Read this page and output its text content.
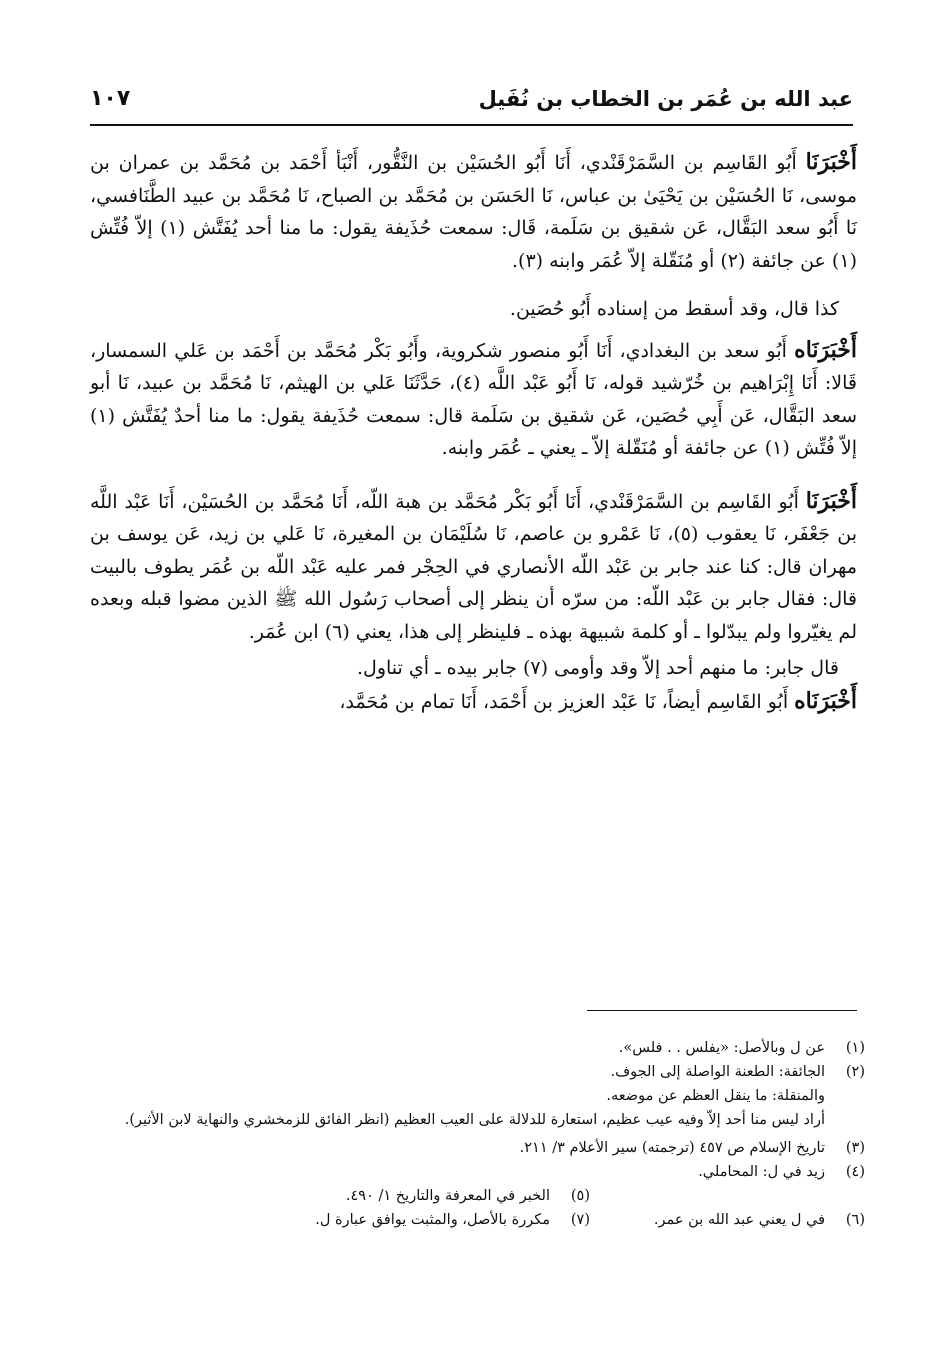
عبد الله بن عُمَر بن الخطاب بن نُفَيل
١٠٧

أَخْبَرَنَا أَبُو القَاسِم بن السَّمَرْقَنْدي، أَنَا أَبُو الحُسَيْن بن النَّقُّور، أَنْبَأ أَحْمَد بن مُحَمَّد بن عمران بن موسى، نَا الحُسَيْن بن يَحْيَىٰ بن عباس، نَا الحَسَن بن مُحَمَّد بن الصباح، نَا مُحَمَّد بن عبيد الطَّنَافسي، نَا أَبُو سعد البَقَّال، عَن شقيق بن سَلَمة، قَال: سمعت حُذَيفة يقول: ما منا أحد يُفَتَّش (١) إلاّ فُتِّش (١) عن جائفة (٢) أو مُنَقّلة إلاّ عُمَر وابنه (٣).

كذا قال، وقد أسقط من إسناده أَبُو حُصَين.

أَخْبَرَنَاه أَبُو سعد بن البغدادي، أَنَا أَبُو منصور شكروية، وأَبُو بَكْر مُحَمَّد بن أَحْمَد بن عَلي السمسار، قَالا: أَنَا إِبْرَاهيم بن خُرّشيد قوله، نَا أَبُو عَبْد اللَّه (٤)، حَدَّثَنَا عَلي بن الهيثم، نَا مُحَمَّد بن عبيد، نَا أبو سعد البَقَّال، عَن أَبِي حُصَين، عَن شقيق بن سَلَمة قال: سمعت حُذَيفة يقول: ما منا أحدٌ يُفَتَّش (١) إلاّ فُتِّش (١) عن جائفة أو مُنَقّلة إلاّ ـ يعني ـ عُمَر وابنه.

أَخْبَرَنَا أَبُو القَاسِم بن السَّمَرْقَنْدي، أَنَا أَبُو بَكْر مُحَمَّد بن هبة اللّه، أَنَا مُحَمَّد بن الحُسَيْن، أَنَا عَبْد اللَّه بن جَعْفَر، نَا يعقوب (٥)، نَا عَمْرو بن عاصم، نَا سُلَيْمَان بن المغيرة، نَا عَلي بن زيد، عَن يوسف بن مهران قال: كنا عند جابر بن عَبْد اللّه الأنصاري في الحِجْر فمر عليه عَبْد اللّه بن عُمَر يطوف بالبيت قال: فقال جابر بن عَبْد اللّه: من سرّه أن ينظر إلى أصحاب رَسُول الله ﷺ الذين مضوا قبله وبعده لم يغيّروا ولم يبدّلوا ـ أو كلمة شبيهة بهذه ـ فلينظر إلى هذا، يعني (٦) ابن عُمَر.

قال جابر: ما منهم أحد إلاّ وقد وأومى (٧) جابر بيده ـ أي تناول.

أَخْبَرَنَاه أَبُو القَاسِم أيضاً، نَا عَبْد العزيز بن أَحْمَد، أَنَا تمام بن مُحَمَّد،

(١)
عن ل وبالأصل: «يفلس . . فلس».
(٢)
الجائفة: الطعنة الواصلة إلى الجوف.
والمنقلة: ما ينقل العظم عن موضعه.
أراد ليس منا أحد إلاّ وفيه عيب عظيم، استعارة للدلالة على العيب العظيم (انظر الفائق للزمخشري والنهاية لابن الأثير).
(٣)
تاريخ الإسلام ص ٤٥٧ (ترجمته) سير الأعلام ٣/ ٢١١.
(٤)
زيد في ل: المحاملي.
(٥)
الخبر في المعرفة والتاريخ ١/ ٤٩٠.
(٦)
في ل يعني عبد الله بن عمر.
(٧)
مكررة بالأصل، والمثبت يوافق عبارة ل.
